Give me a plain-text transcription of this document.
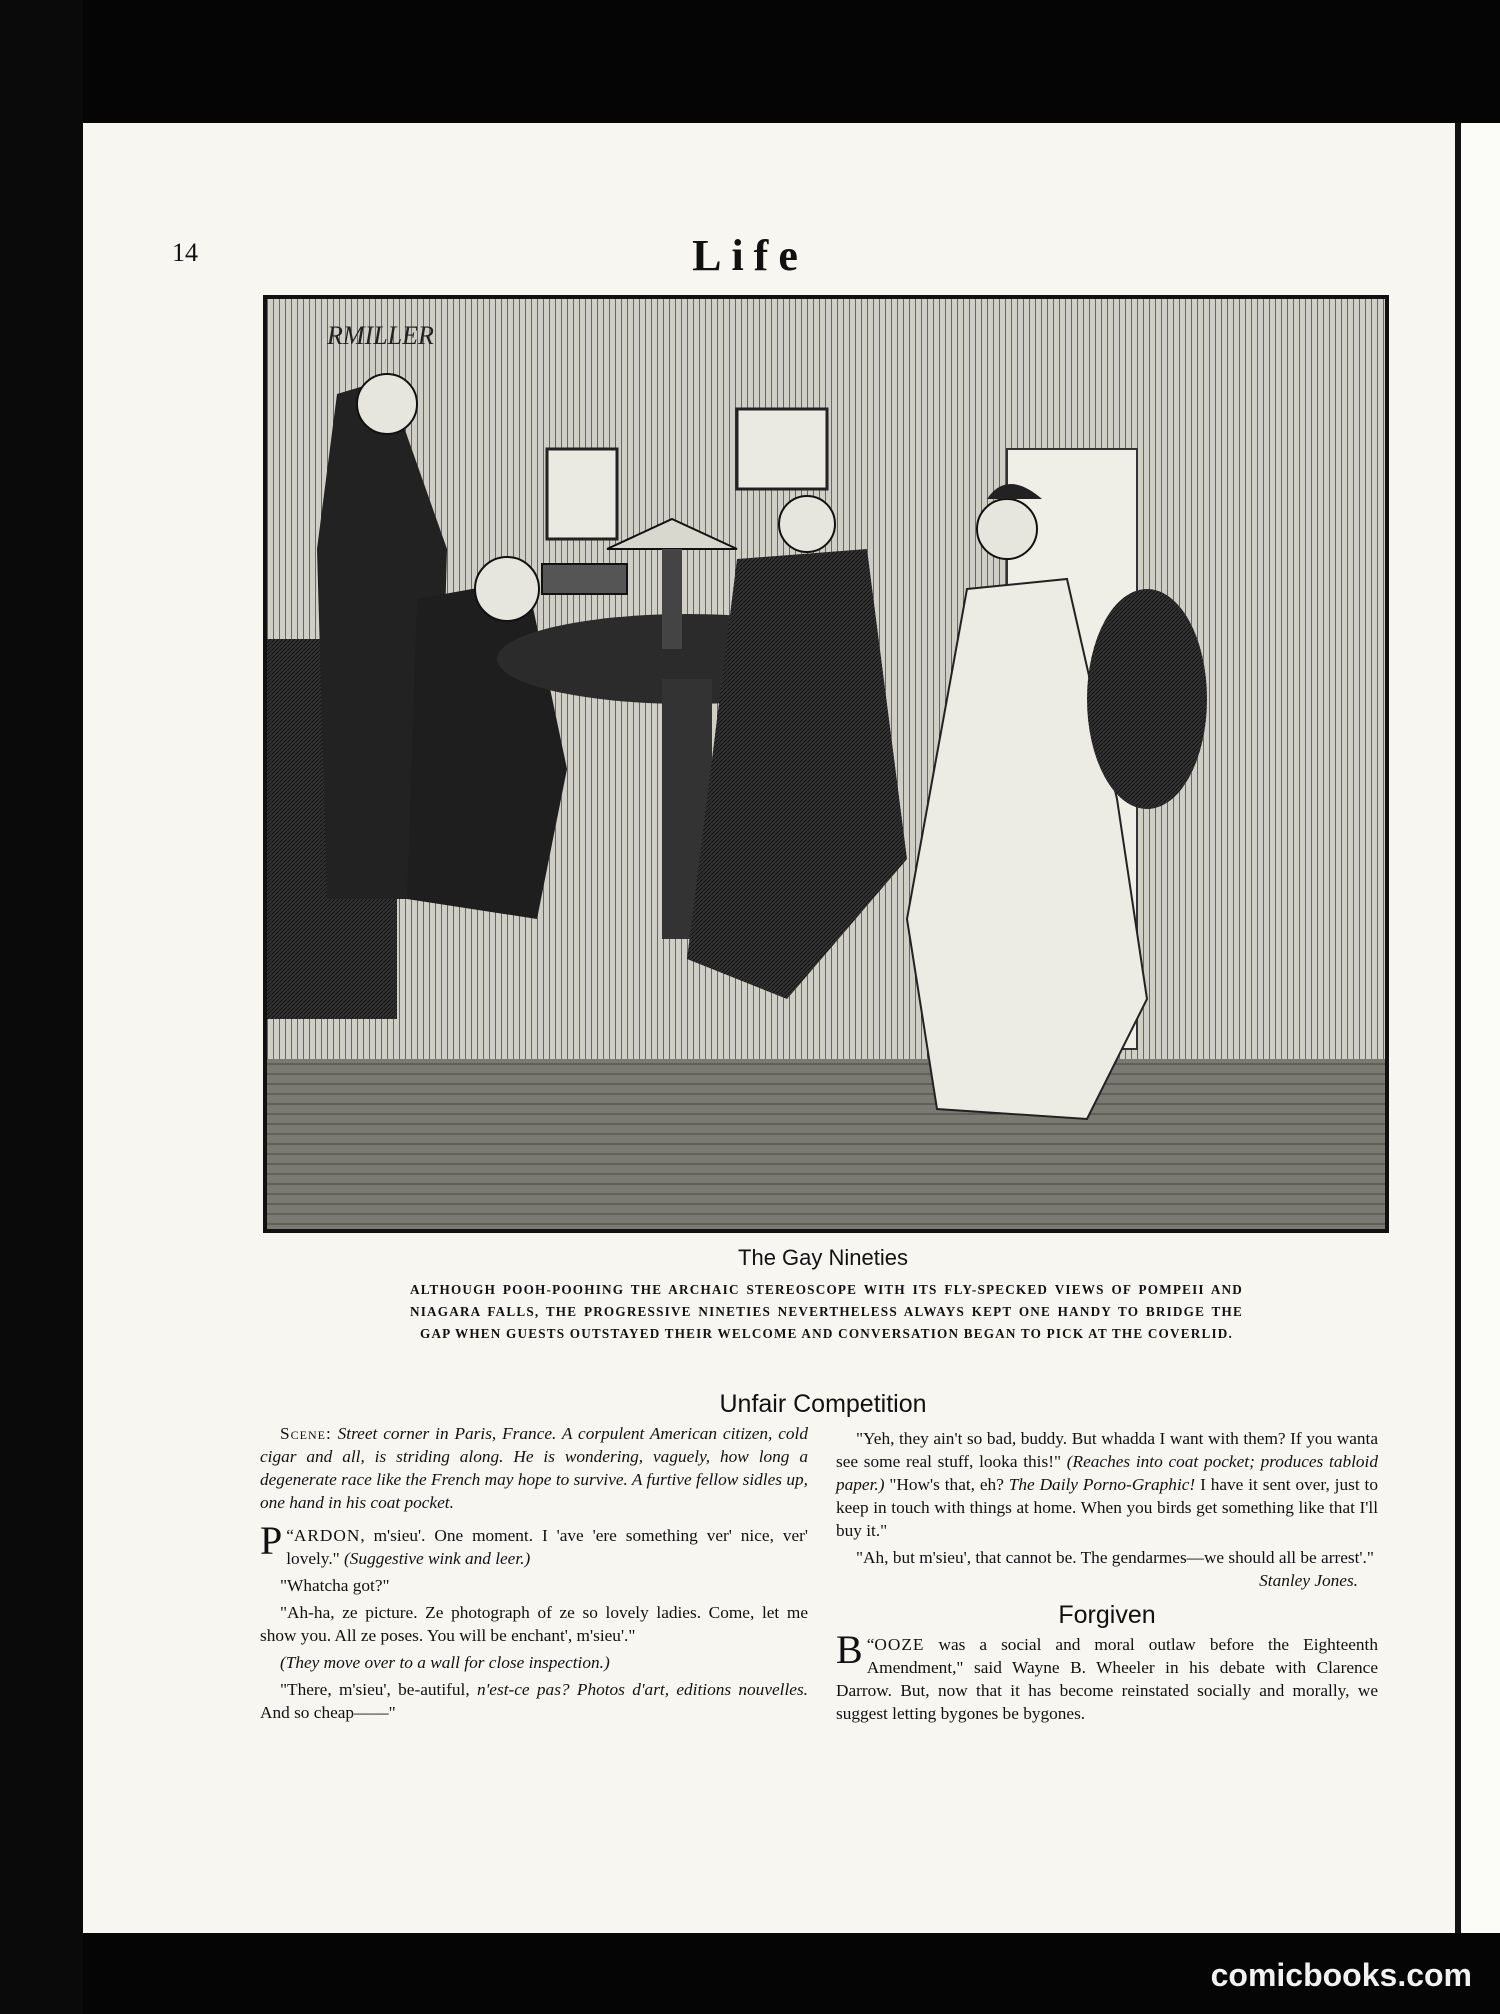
14	Life
RMILLER
The Gay Nineties
ALTHOUGH POOH-POOHING THE ARCHAIC STEREOSCOPE WITH ITS FLY-SPECKED VIEWS OF POMPEII AND NIAGARA FALLS, THE PROGRESSIVE NINETIES NEVERTHELESS ALWAYS KEPT ONE HANDY TO BRIDGE THE GAP WHEN GUESTS OUTSTAYED THEIR WELCOME AND CONVERSATION BEGAN TO PICK AT THE COVERLID.
Unfair Competition

Scene: Street corner in Paris, France. A corpulent American citizen, cold cigar and all, is striding along. He is wondering, vaguely, how long a degenerate race like the French may hope to survive. A furtive fellow sidles up, one hand in his coat pocket.

“
P ARDON, m'sieu'. One moment. I 'ave 'ere something ver' nice, ver' lovely." (Suggestive wink and leer.)

"Whatcha got?"

"Ah-ha, ze picture. Ze photograph of ze so lovely ladies. Come, let me show you. All ze poses. You will be enchant', m'sieu'."

(They move over to a wall for close inspection.)

"There, m'sieu', be-autiful, n'est-ce pas? Photos d'art, editions nouvelles. And so cheap——"

"Yeh, they ain't so bad, buddy. But whadda I want with them? If you wanta see some real stuff, looka this!" (Reaches into coat pocket; produces tabloid paper.) "How's that, eh? The Daily Porno-Graphic! I have it sent over, just to keep in touch with things at home. When you birds get something like that I'll buy it."

"Ah, but m'sieu', that cannot be. The gendarmes—we should all be arrest'."
Stanley Jones.

Forgiven

“
B OOZE was a social and moral outlaw before the Eighteenth Amendment," said Wayne B. Wheeler in his debate with Clarence Darrow. But, now that it has become reinstated socially and morally, we suggest letting bygones be bygones.

comicbooks.com
